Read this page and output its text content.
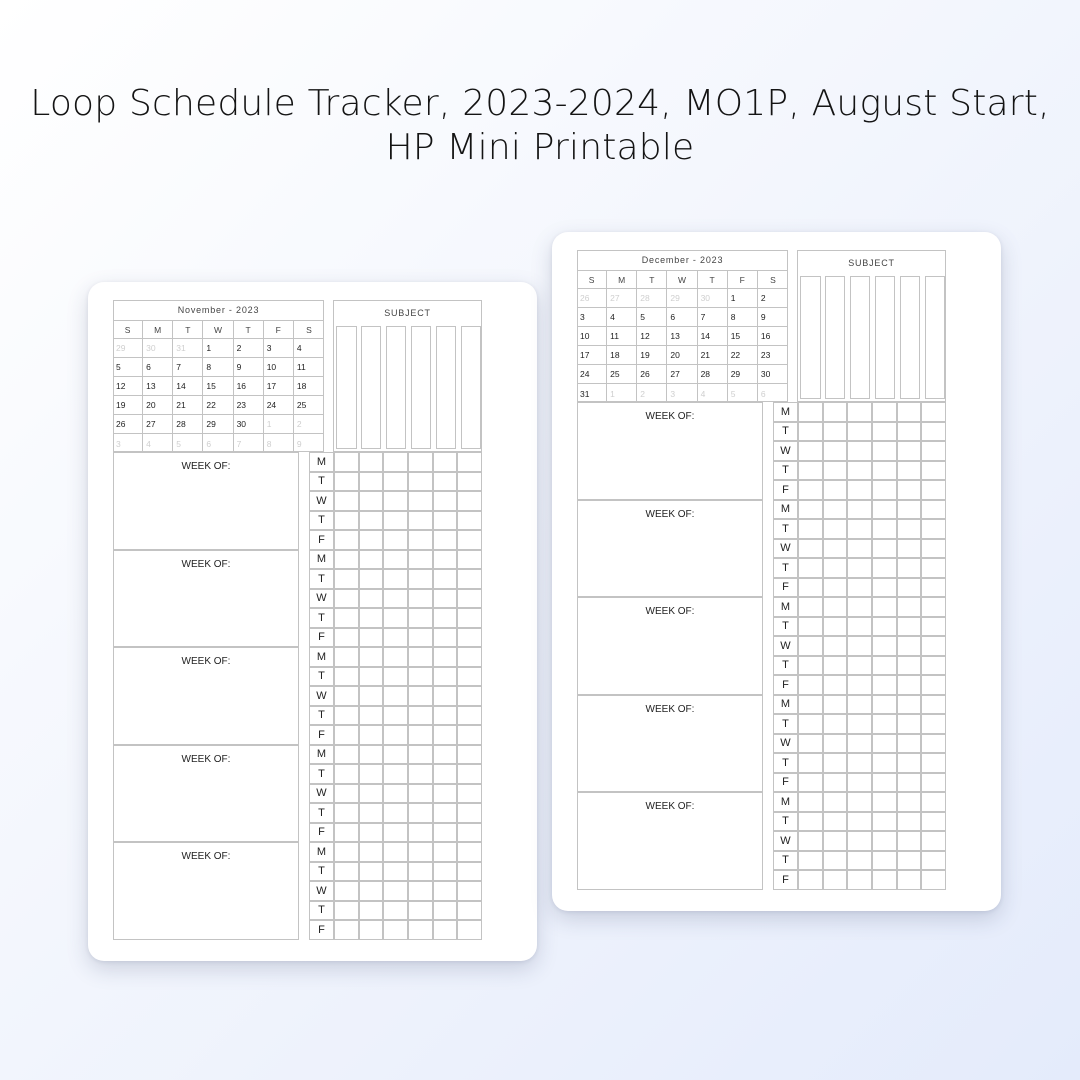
Loop Schedule Tracker, 2023-2024, MO1P, August Start,
HP Mini Printable
November - 2023
S	M	T	W	T	F	S
29	30	31	1	2	3	4
5	6	7	8	9	10	11
12	13	14	15	16	17	18
19	20	21	22	23	24	25
26	27	28	29	30	1	2
3	4	5	6	7	8	9
SUBJECT
WEEK OF:	M
T
W
T
F
WEEK OF:	M
T
W
T
F
WEEK OF:	M
T
W
T
F
WEEK OF:	M
T
W
T
F
WEEK OF:	M
T
W
T
F
December - 2023
S	M	T	W	T	F	S
26	27	28	29	30	1	2
3	4	5	6	7	8	9
10	11	12	13	14	15	16
17	18	19	20	21	22	23
24	25	26	27	28	29	30
31	1	2	3	4	5	6
SUBJECT
WEEK OF:	M
T
W
T
F
WEEK OF:	M
T
W
T
F
WEEK OF:	M
T
W
T
F
WEEK OF:	M
T
W
T
F
WEEK OF:	M
T
W
T
F
